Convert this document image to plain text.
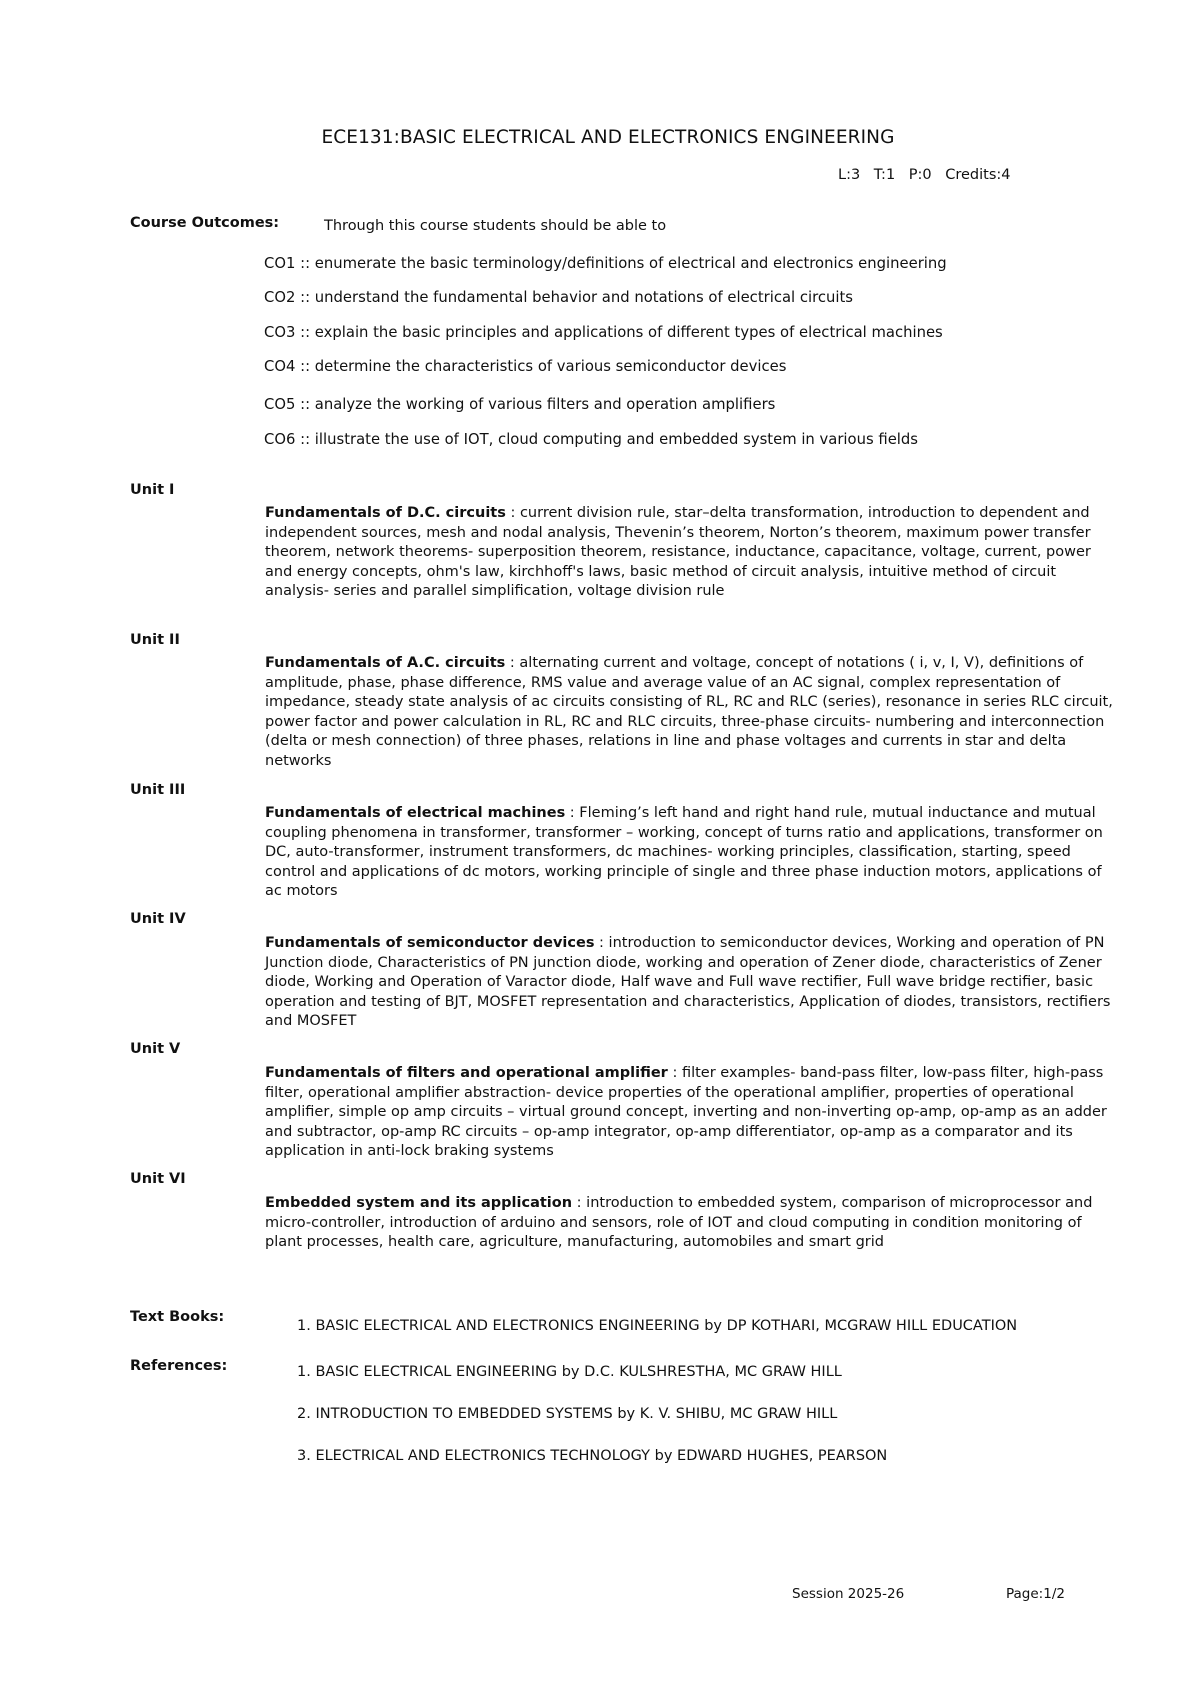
ECE131:BASIC ELECTRICAL AND ELECTRONICS ENGINEERING
L:3 T:1 P:0 Credits:4
Course Outcomes:	Through this course students should be able to
CO1 :: enumerate the basic terminology/definitions of electrical and electronics engineering
CO2 :: understand the fundamental behavior and notations of electrical circuits
CO3 :: explain the basic principles and applications of different types of electrical machines
CO4 :: determine the characteristics of various semiconductor devices
CO5 :: analyze the working of various filters and operation amplifiers
CO6 :: illustrate the use of IOT, cloud computing and embedded system in various fields
Unit I
Fundamentals of D.C. circuits : current division rule, star–delta transformation, introduction to dependent and independent sources, mesh and nodal analysis, Thevenin’s theorem, Norton’s theorem, maximum power transfer theorem, network theorems- superposition theorem, resistance, inductance, capacitance, voltage, current, power and energy concepts, ohm's law, kirchhoff's laws, basic method of circuit analysis, intuitive method of circuit analysis- series and parallel simplification, voltage division rule
Unit II
Fundamentals of A.C. circuits : alternating current and voltage, concept of notations ( i, v, I, V), definitions of amplitude, phase, phase difference, RMS value and average value of an AC signal, complex representation of impedance, steady state analysis of ac circuits consisting of RL, RC and RLC (series), resonance in series RLC circuit, power factor and power calculation in RL, RC and RLC circuits, three-phase circuits- numbering and interconnection (delta or mesh connection) of three phases, relations in line and phase voltages and currents in star and delta networks
Unit III
Fundamentals of electrical machines : Fleming’s left hand and right hand rule, mutual inductance and mutual coupling phenomena in transformer, transformer – working, concept of turns ratio and applications, transformer on DC, auto-transformer, instrument transformers, dc machines- working principles, classification, starting, speed control and applications of dc motors, working principle of single and three phase induction motors, applications of ac motors
Unit IV
Fundamentals of semiconductor devices : introduction to semiconductor devices, Working and operation of PN Junction diode, Characteristics of PN junction diode, working and operation of Zener diode, characteristics of Zener diode, Working and Operation of Varactor diode, Half wave and Full wave rectifier, Full wave bridge rectifier, basic operation and testing of BJT, MOSFET representation and characteristics, Application of diodes, transistors, rectifiers and MOSFET
Unit V
Fundamentals of filters and operational amplifier : filter examples- band-pass filter, low-pass filter, high-pass filter, operational amplifier abstraction- device properties of the operational amplifier, properties of operational amplifier, simple op amp circuits – virtual ground concept, inverting and non-inverting op-amp, op-amp as an adder and subtractor, op-amp RC circuits – op-amp integrator, op-amp differentiator, op-amp as a comparator and its application in anti-lock braking systems
Unit VI
Embedded system and its application : introduction to embedded system, comparison of microprocessor and micro-controller, introduction of arduino and sensors, role of IOT and cloud computing in condition monitoring of plant processes, health care, agriculture, manufacturing, automobiles and smart grid
Text Books:
1. BASIC ELECTRICAL AND ELECTRONICS ENGINEERING by DP KOTHARI, MCGRAW HILL EDUCATION
References:	1. BASIC ELECTRICAL ENGINEERING by D.C. KULSHRESTHA, MC GRAW HILL
2. INTRODUCTION TO EMBEDDED SYSTEMS by K. V. SHIBU, MC GRAW HILL
3. ELECTRICAL AND ELECTRONICS TECHNOLOGY by EDWARD HUGHES, PEARSON
Session 2025-26	Page:1/2
